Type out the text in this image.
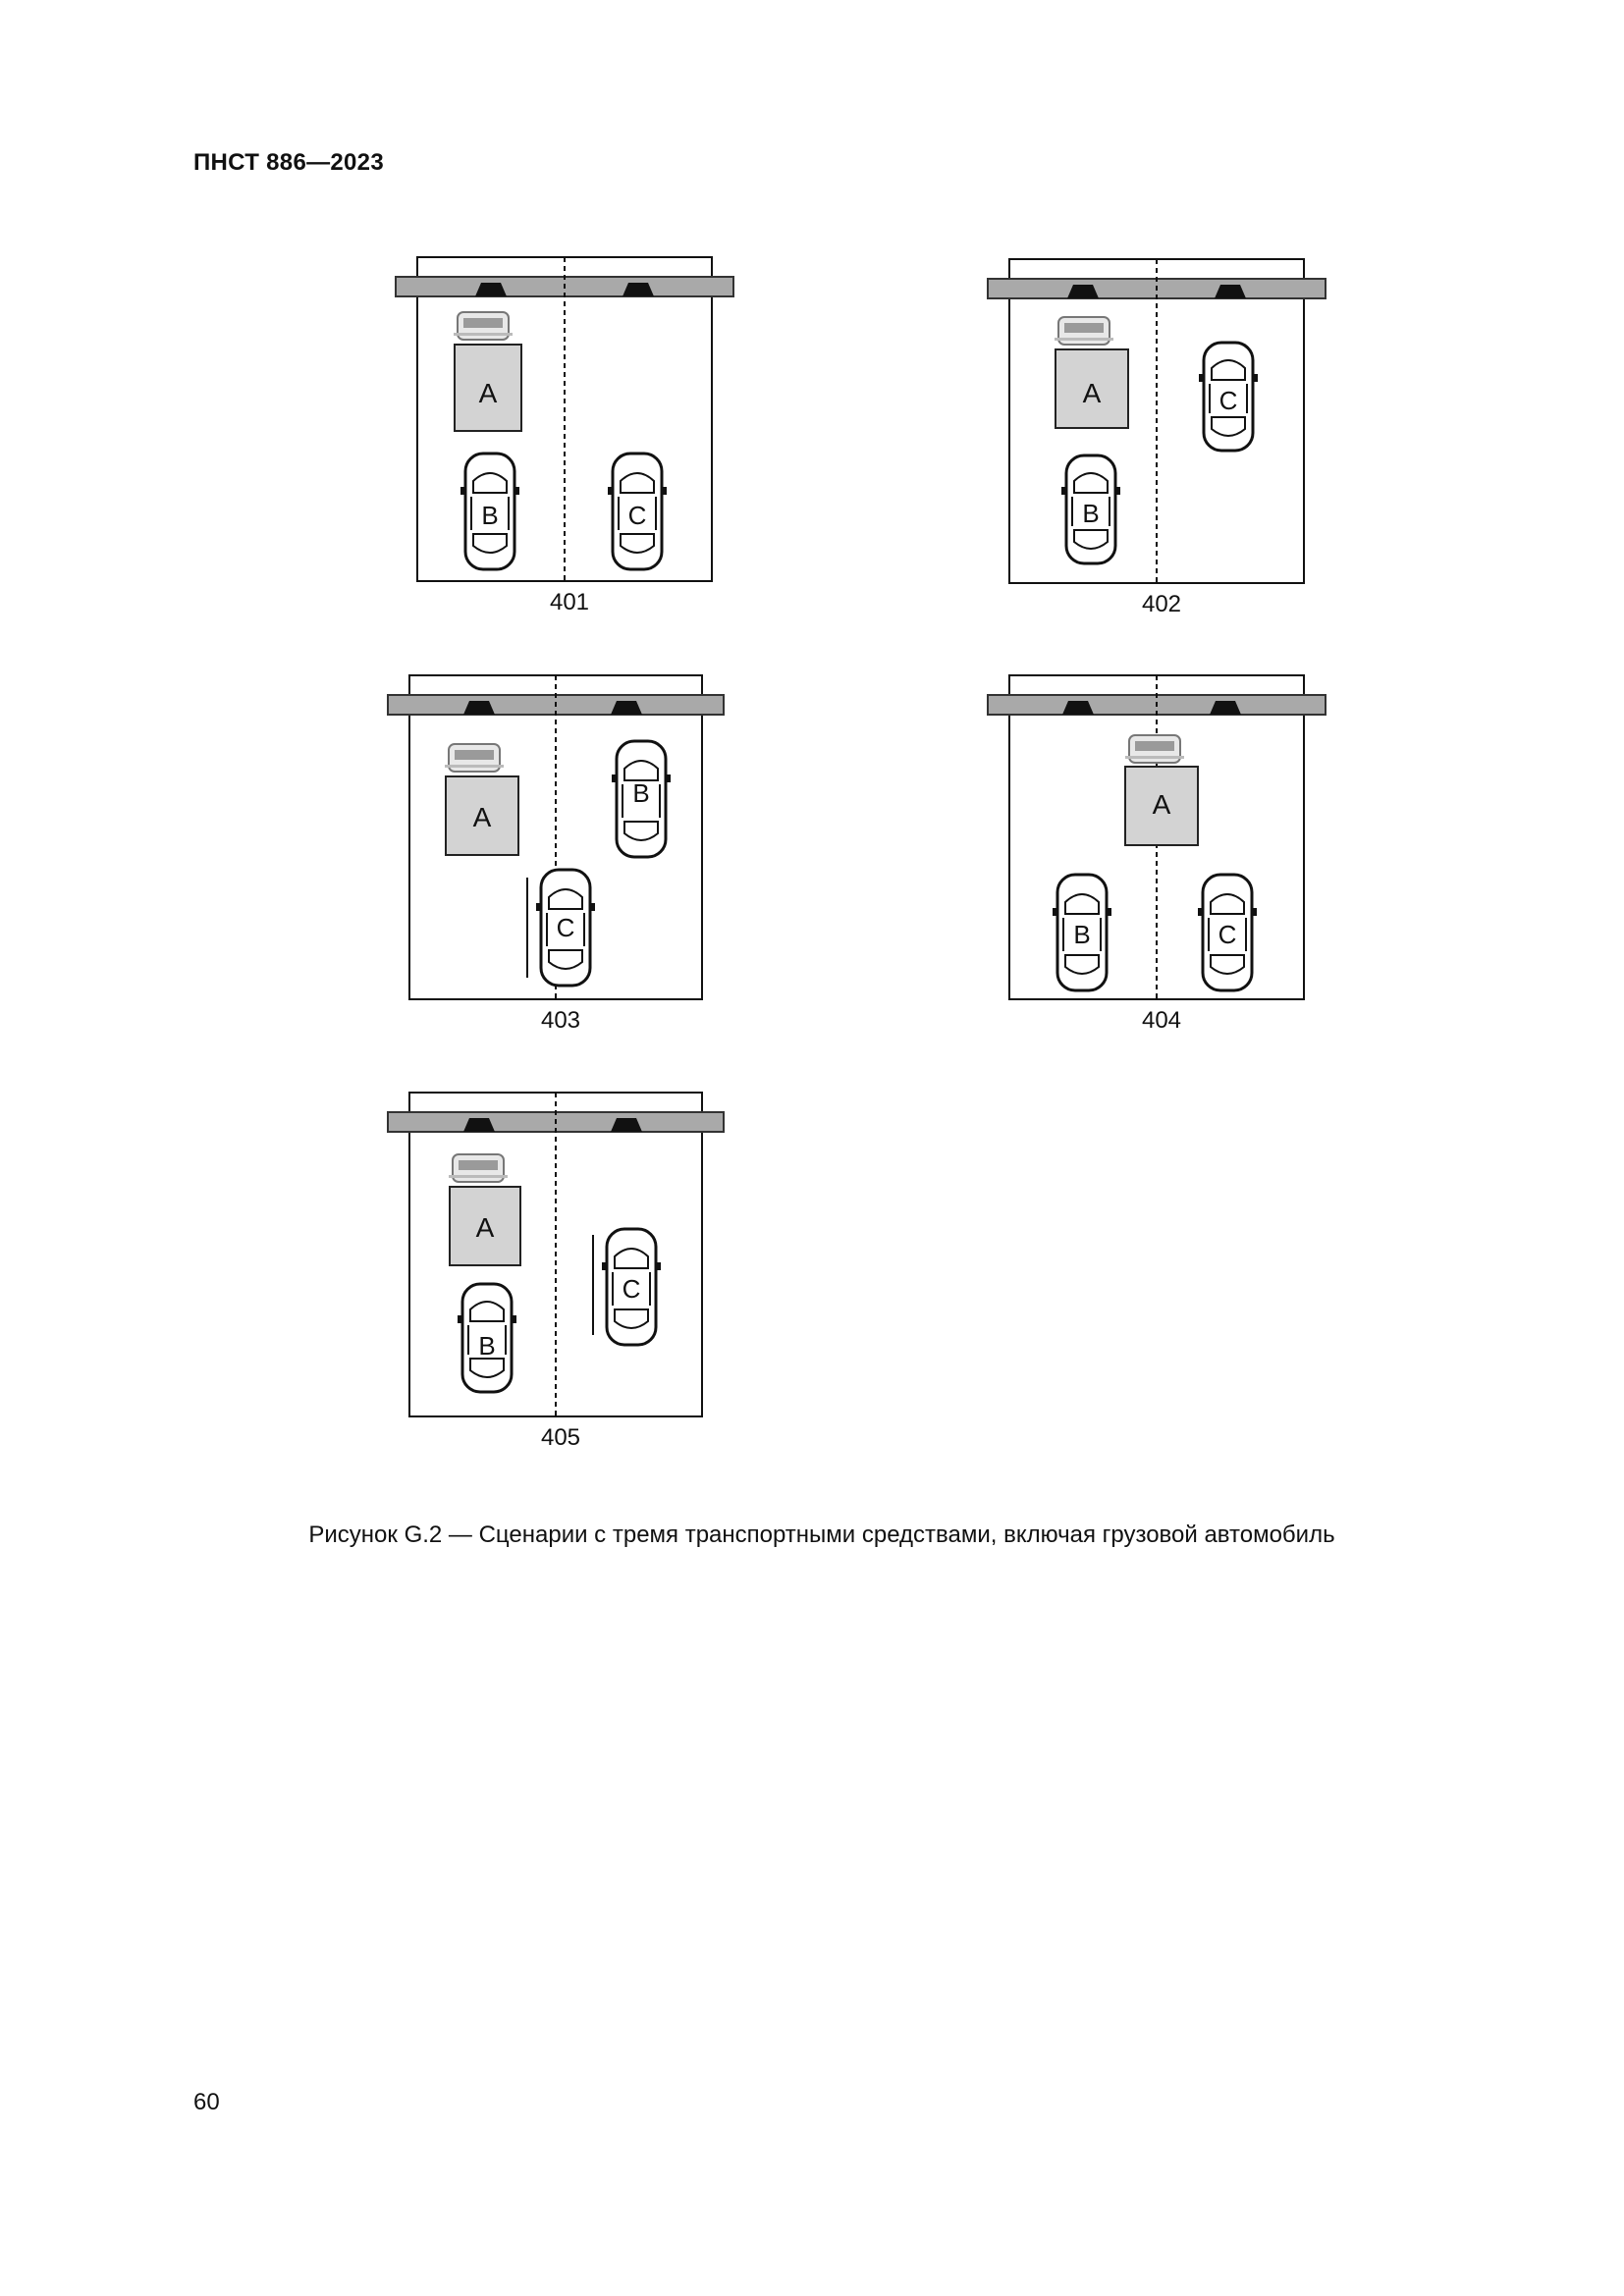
ПНСТ 886—2023
A
B	C
401
A	C
B
402
A
B
C
403
A
B	C
404
A
B
C
405
Рисунок G.2 — Сценарии с тремя транспортными средствами, включая грузовой автомобиль
60
